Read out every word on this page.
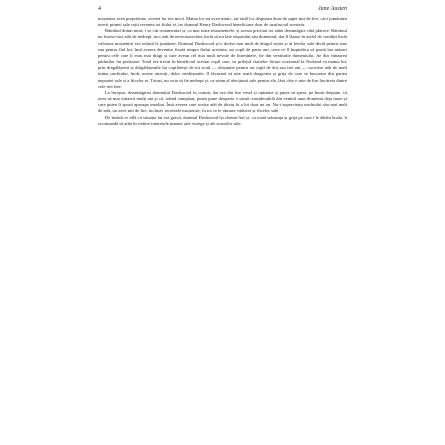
4	Jane Austen

moștenea acea proprietate, averea lor era mică. Mama lor nu avea nimic, iar tatăl lor dispunea doar de șapte mii de lire; căci jumătatea averii primei sale soții revenea tot fiului ei, iar domnul Henry Dashwood beneficiase doar de uzufructul acesteia.

Bătrânul domn muri; i se citi testamentul și, ca mai toate testamentele, și acesta pricinui tot atâta dezamăgire câtă plăcere. Bătrânul nu fusese nici atât de nedrept, nici atât de nerecunoscător încât să nu lase nepotului său domeniul, dar îl lăsase în astfel de condiții încât valoarea moștenirii era redusă la jumătate. Domnul Dashwood și-o dorise mai mult de dragul soției și al fetelor sale decât pentru sine sau pentru fiul lui; însă averea devenise fixată asupra fiului acestuia, un copil de patru ani, ceea ce îl împiedica să poată lua măsuri pentru cele care îi erau mai dragi și care aveau cel mai mult nevoie de întreținere, fie din veniturile domeniului, fie din vânzarea pădurilor lui prețioase. Totul era trecut în beneficiul acestui copil care, cu prilejul vizitelor făcute ocazional la Norland cu mama lui, prin drăgălășenii și drăgălășeniile lui copilărești de tot soiul — obișnuite pentru un copil de doi sau trei ani — cucerise atât de mult inima unchiului, încât aceste atracții, deloc neobișnuite, îl făcuseră să uite toată dragostea și grija de care se bucurase din partea nepoatei sale și a fiicelor ei. Totuși, nu voia să fie nedrept și, ca semn al afecțiunii sale pentru ele, lăsă câte o mie de lire fiecăreia dintre cele trei fete.

La început, dezamăgirea domnului Dashwood fu cruntă; dar era din fire vesel și optimist și putea să spere, pe bună dreptate, că avea să mai trăiască mulți ani și că, trăind cumpătat, putea pune deoparte o sumă considerabilă din venitul unui domeniu deja mare și care putea fi sporit aproape imediat. Însă averea care sosise atât de târziu fu a lui doar un an. Nu-i supraviețui unchiului său mai mult de atât, iar zece mii de lire, inclusiv recentele moșteniri, fu tot ce le rămase văduvei și fiicelor sale.

De îndată ce află că situația lui era gravă, domnul Dashwood își chemă fiul și, cu toată stăruința și grija pe care i le dădea boala, îi recomandă să aibă în vedere interesele mamei sale vitrege și ale surorilor sale.
